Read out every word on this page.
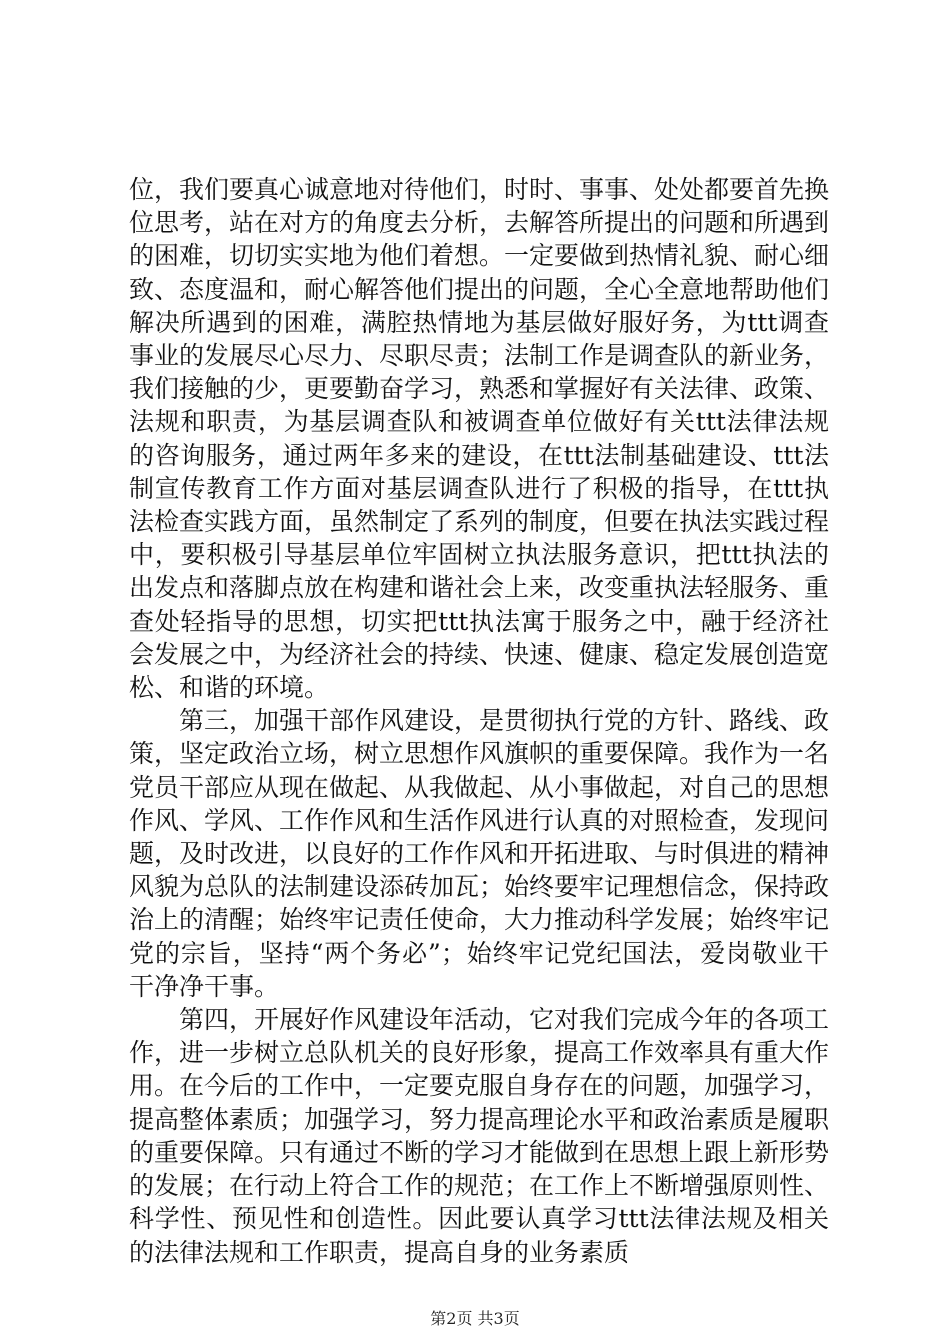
位，我们要真心诚意地对待他们，时时、事事、处处都要首先换位思考，站在对方的角度去分析，去解答所提出的问题和所遇到的困难，切切实实地为他们着想。一定要做到热情礼貌、耐心细致、态度温和，耐心解答他们提出的问题，全心全意地帮助他们解决所遇到的困难，满腔热情地为基层做好服好务，为ttt调查事业的发展尽心尽力、尽职尽责；法制工作是调查队的新业务，我们接触的少，更要勤奋学习，熟悉和掌握好有关法律、政策、法规和职责，为基层调查队和被调查单位做好有关ttt法律法规的咨询服务，通过两年多来的建设，在ttt法制基础建设、ttt法制宣传教育工作方面对基层调查队进行了积极的指导，在ttt执法检查实践方面，虽然制定了系列的制度，但要在执法实践过程中，要积极引导基层单位牢固树立执法服务意识，把ttt执法的出发点和落脚点放在构建和谐社会上来，改变重执法轻服务、重查处轻指导的思想，切实把ttt执法寓于服务之中，融于经济社会发展之中，为经济社会的持续、快速、健康、稳定发展创造宽松、和谐的环境。

第三，加强干部作风建设，是贯彻执行党的方针、路线、政策，坚定政治立场，树立思想作风旗帜的重要保障。我作为一名党员干部应从现在做起、从我做起、从小事做起，对自己的思想作风、学风、工作作风和生活作风进行认真的对照检查，发现问题，及时改进，以良好的工作作风和开拓进取、与时俱进的精神风貌为总队的法制建设添砖加瓦；始终要牢记理想信念，保持政治上的清醒；始终牢记责任使命，大力推动科学发展；始终牢记党的宗旨，坚持“两个务必”；始终牢记党纪国法，爱岗敬业干干净净干事。

第四，开展好作风建设年活动，它对我们完成今年的各项工作，进一步树立总队机关的良好形象，提高工作效率具有重大作用。在今后的工作中，一定要克服自身存在的问题，加强学习，提高整体素质；加强学习，努力提高理论水平和政治素质是履职的重要保障。只有通过不断的学习才能做到在思想上跟上新形势的发展；在行动上符合工作的规范；在工作上不断增强原则性、科学性、预见性和创造性。因此要认真学习ttt法律法规及相关的法律法规和工作职责，提高自身的业务素质

第2页 共3页
